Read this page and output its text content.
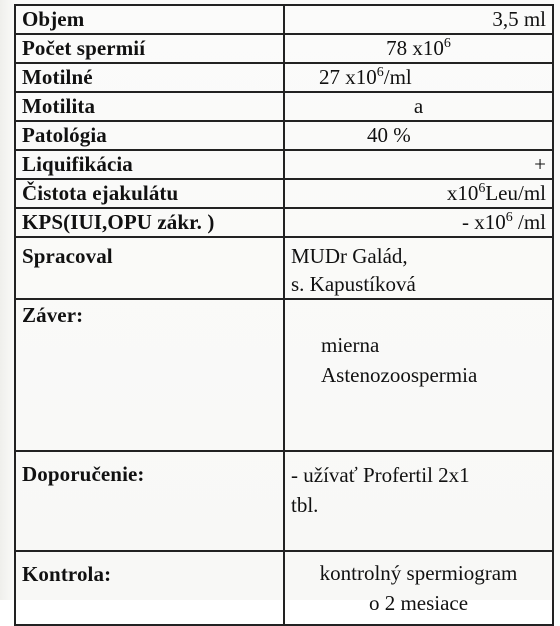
Objem	3,5 ml
Počet spermií	78 $x10^6$
Motilné	27 $x10^6/ml$
Motilita	a
Patológia	40 %
Liquifikácia	+
Čistota ejakulátu	$x10^6Leu/ml$
KPS(IUI,OPU zákr. )	- $x10^6$ /ml
Spracoval	MUDr Galád,
s. Kapustíková

Záver:	mierna
Astenozoospermia

Doporučenie:	- užívať Profertil 2x1
tbl.

Kontrola:	kontrolný spermiogram
o 2 mesiace
